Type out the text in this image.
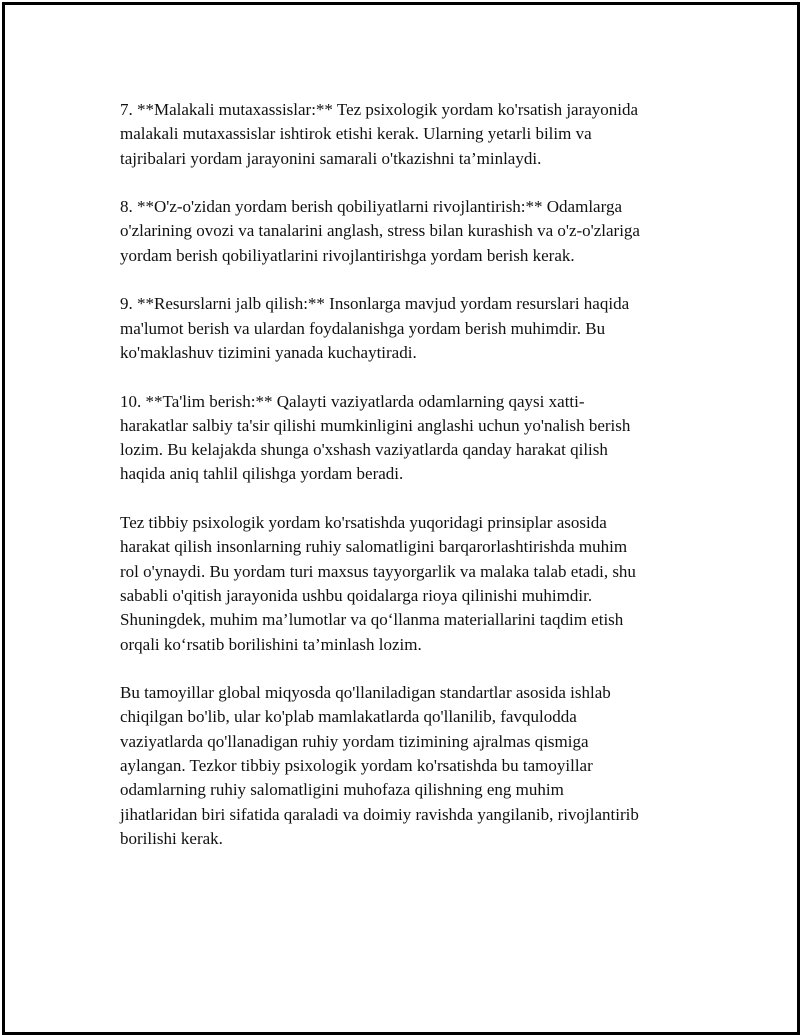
7. **Malakali mutaxassislar:** Tez psixologik yordam ko'rsatish jarayonida
malakali mutaxassislar ishtirok etishi kerak. Ularning yetarli bilim va
tajribalari yordam jarayonini samarali o'tkazishni ta’minlaydi.

8. **O'z-o'zidan yordam berish qobiliyatlarni rivojlantirish:** Odamlarga
o'zlarining ovozi va tanalarini anglash, stress bilan kurashish va o'z-o'zlariga
yordam berish qobiliyatlarini rivojlantirishga yordam berish kerak.

9. **Resurslarni jalb qilish:** Insonlarga mavjud yordam resurslari haqida
ma'lumot berish va ulardan foydalanishga yordam berish muhimdir. Bu
ko'maklashuv tizimini yanada kuchaytiradi.

10. **Ta'lim berish:** Qalayti vaziyatlarda odamlarning qaysi xatti-
harakatlar salbiy ta'sir qilishi mumkinligini anglashi uchun yo'nalish berish
lozim. Bu kelajakda shunga o'xshash vaziyatlarda qanday harakat qilish
haqida aniq tahlil qilishga yordam beradi.

Tez tibbiy psixologik yordam ko'rsatishda yuqoridagi prinsiplar asosida
harakat qilish insonlarning ruhiy salomatligini barqarorlashtirishda muhim
rol o'ynaydi. Bu yordam turi maxsus tayyorgarlik va malaka talab etadi, shu
sababli o'qitish jarayonida ushbu qoidalarga rioya qilinishi muhimdir.
Shuningdek, muhim ma’lumotlar va qo‘llanma materiallarini taqdim etish
orqali ko‘rsatib borilishini ta’minlash lozim.

Bu tamoyillar global miqyosda qo'llaniladigan standartlar asosida ishlab
chiqilgan bo'lib, ular ko'plab mamlakatlarda qo'llanilib, favqulodda
vaziyatlarda qo'llanadigan ruhiy yordam tizimining ajralmas qismiga
aylangan. Tezkor tibbiy psixologik yordam ko'rsatishda bu tamoyillar
odamlarning ruhiy salomatligini muhofaza qilishning eng muhim
jihatlaridan biri sifatida qaraladi va doimiy ravishda yangilanib, rivojlantirib
borilishi kerak.
